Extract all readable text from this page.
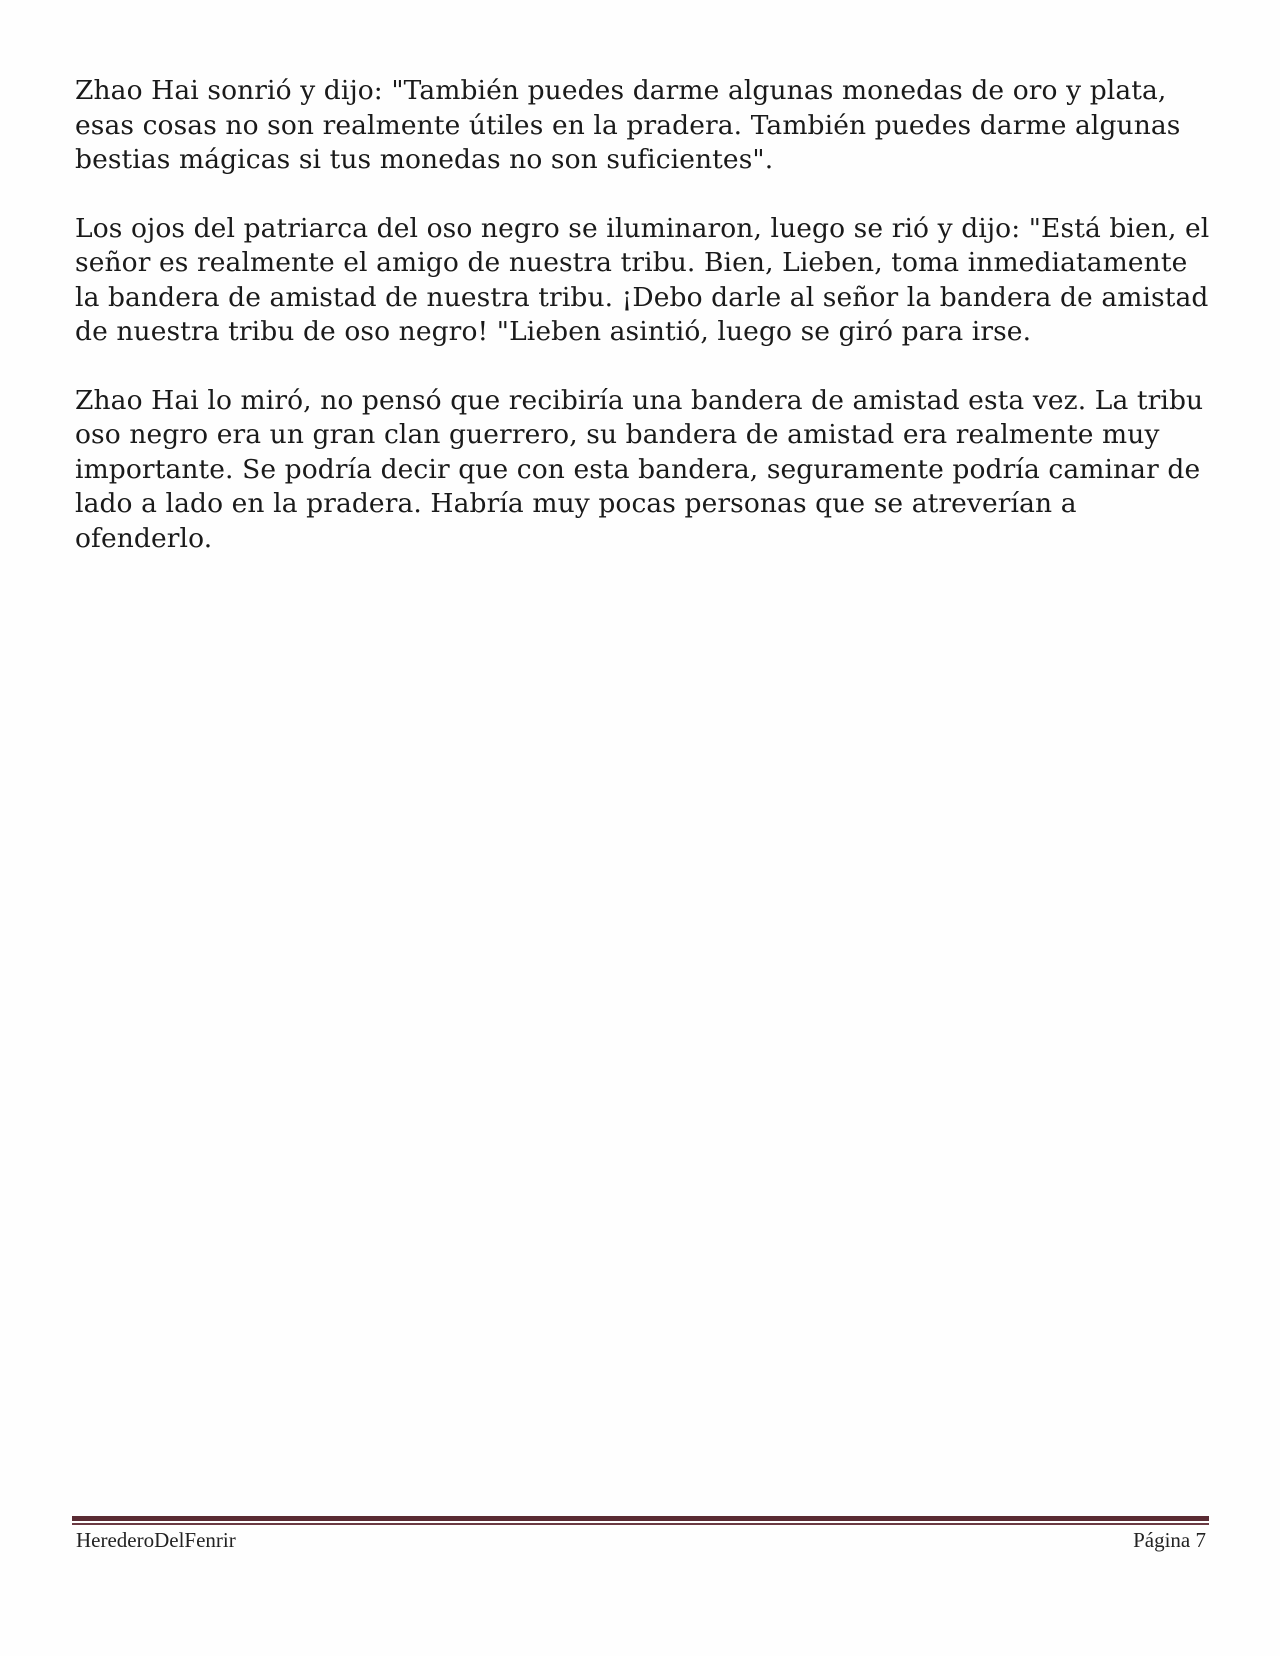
Zhao Hai sonrió y dijo: "También puedes darme algunas monedas de oro y plata, esas cosas no son realmente útiles en la pradera. También puedes darme algunas bestias mágicas si tus monedas no son suficientes".

Los ojos del patriarca del oso negro se iluminaron, luego se rió y dijo: "Está bien, el señor es realmente el amigo de nuestra tribu. Bien, Lieben, toma inmediatamente la bandera de amistad de nuestra tribu. ¡Debo darle al señor la bandera de amistad de nuestra tribu de oso negro! "Lieben asintió, luego se giró para irse.

Zhao Hai lo miró, no pensó que recibiría una bandera de amistad esta vez. La tribu oso negro era un gran clan guerrero, su bandera de amistad era realmente muy importante. Se podría decir que con esta bandera, seguramente podría caminar de lado a lado en la pradera. Habría muy pocas personas que se atreverían a ofenderlo.

HerederoDelFenrir	Página 7
